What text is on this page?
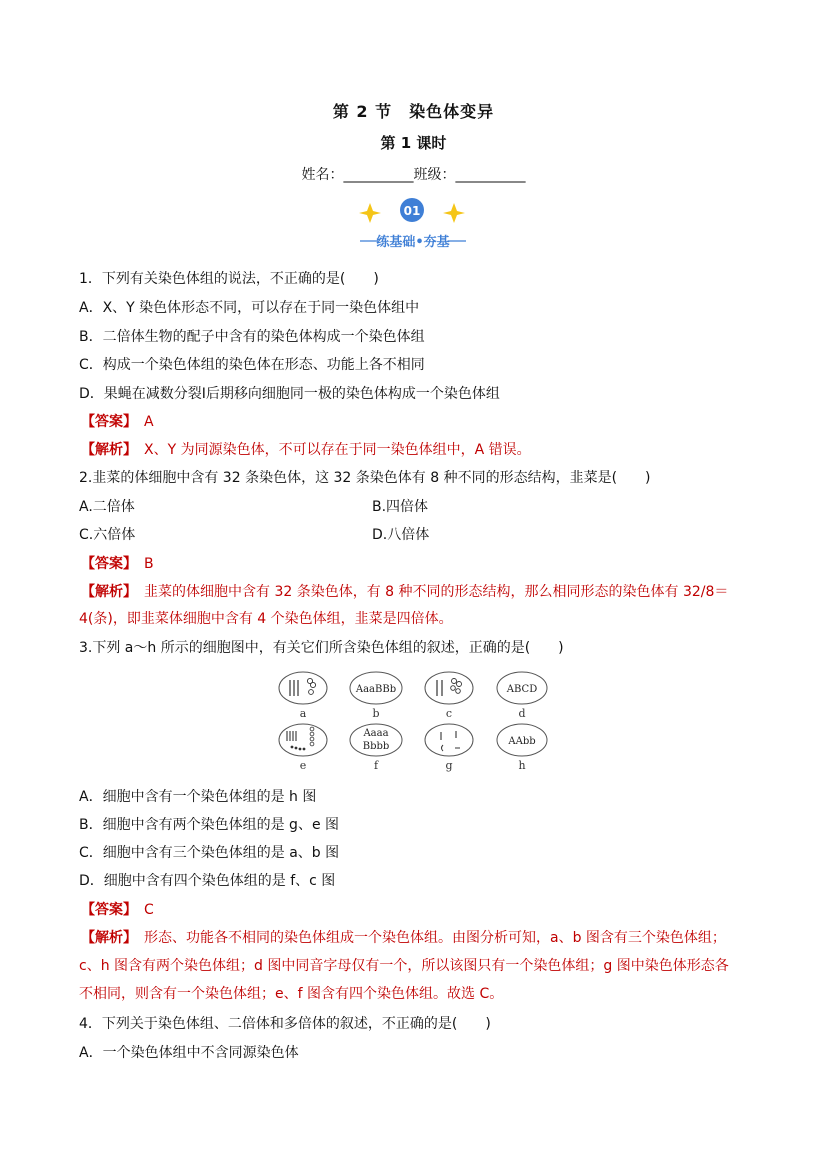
第 2 节　染色体变异
第 1 课时
姓名：__________班级：__________
01
练基础•夯基
1．下列有关染色体组的说法，不正确的是(　　)
A．X、Y 染色体形态不同，可以存在于同一染色体组中
B．二倍体生物的配子中含有的染色体构成一个染色体组
C．构成一个染色体组的染色体在形态、功能上各不相同
D．果蝇在减数分裂Ⅰ后期移向细胞同一极的染色体构成一个染色体组
【答案】　 A
【解析】　 X、Y 为同源染色体，不可以存在于同一染色体组中，A 错误。
2.韭菜的体细胞中含有 32 条染色体，这 32 条染色体有 8 种不同的形态结构，韭菜是(　　)
A.二倍体	B.四倍体
C.六倍体	D.八倍体
【答案】　 B
【解析】　 韭菜的体细胞中含有 32 条染色体，有 8 种不同的形态结构，那么相同形态的染色体有 32/8＝
4(条)，即韭菜体细胞中含有 4 个染色体组，韭菜是四倍体。
3.下列 a～h 所示的细胞图中，有关它们所含染色体组的叙述，正确的是(　　)
a
AaaBBb
b	c
ABCD
d
e
Aaaa
Bbbb
f	g
AAbb
h
A．细胞中含有一个染色体组的是 h 图
B．细胞中含有两个染色体组的是 g、e 图
C．细胞中含有三个染色体组的是 a、b 图
D．细胞中含有四个染色体组的是 f、c 图
【答案】　 C
【解析】　 形态、功能各不相同的染色体组成一个染色体组。由图分析可知，a、b 图含有三个染色体组；
c、h 图含有两个染色体组；d 图中同音字母仅有一个，所以该图只有一个染色体组；g 图中染色体形态各
不相同，则含有一个染色体组；e、f 图含有四个染色体组。故选 C。
4．下列关于染色体组、二倍体和多倍体的叙述，不正确的是(　　)
A．一个染色体组中不含同源染色体
